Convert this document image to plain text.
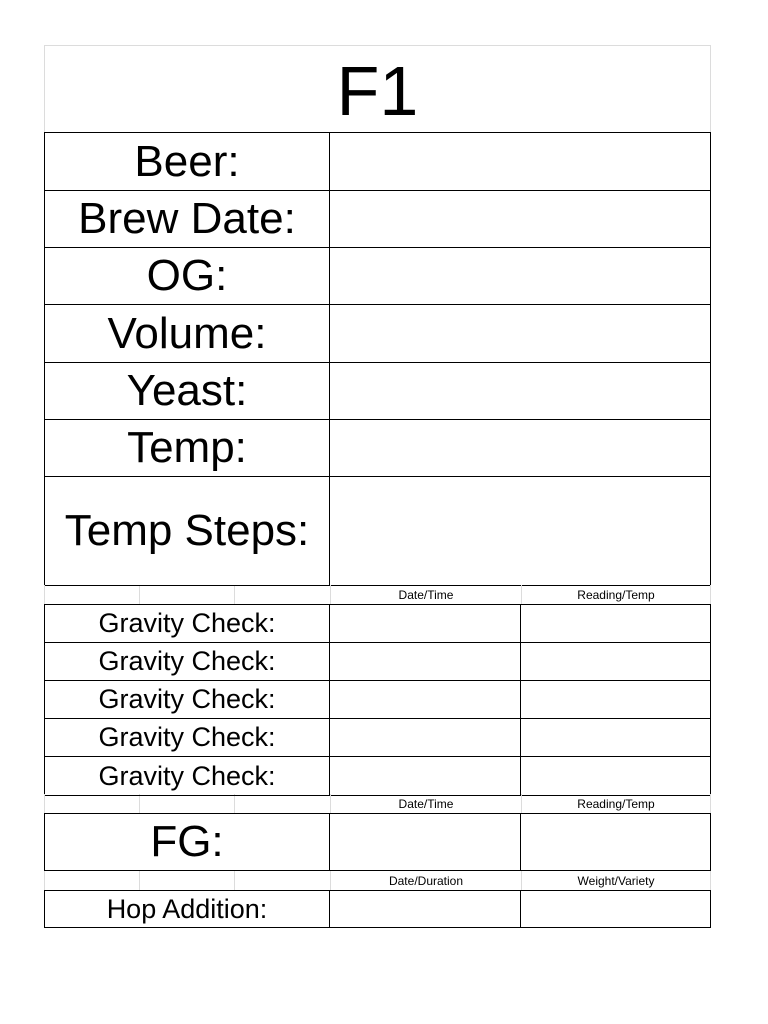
F1
Beer:
Brew Date:
OG:
Volume:
Yeast:
Temp:
Temp Steps:
Date/Time	Reading/Temp
Gravity Check:
Gravity Check:
Gravity Check:
Gravity Check:
Gravity Check:
Date/Time	Reading/Temp
FG:
Date/Duration	Weight/Variety
Hop Addition:
